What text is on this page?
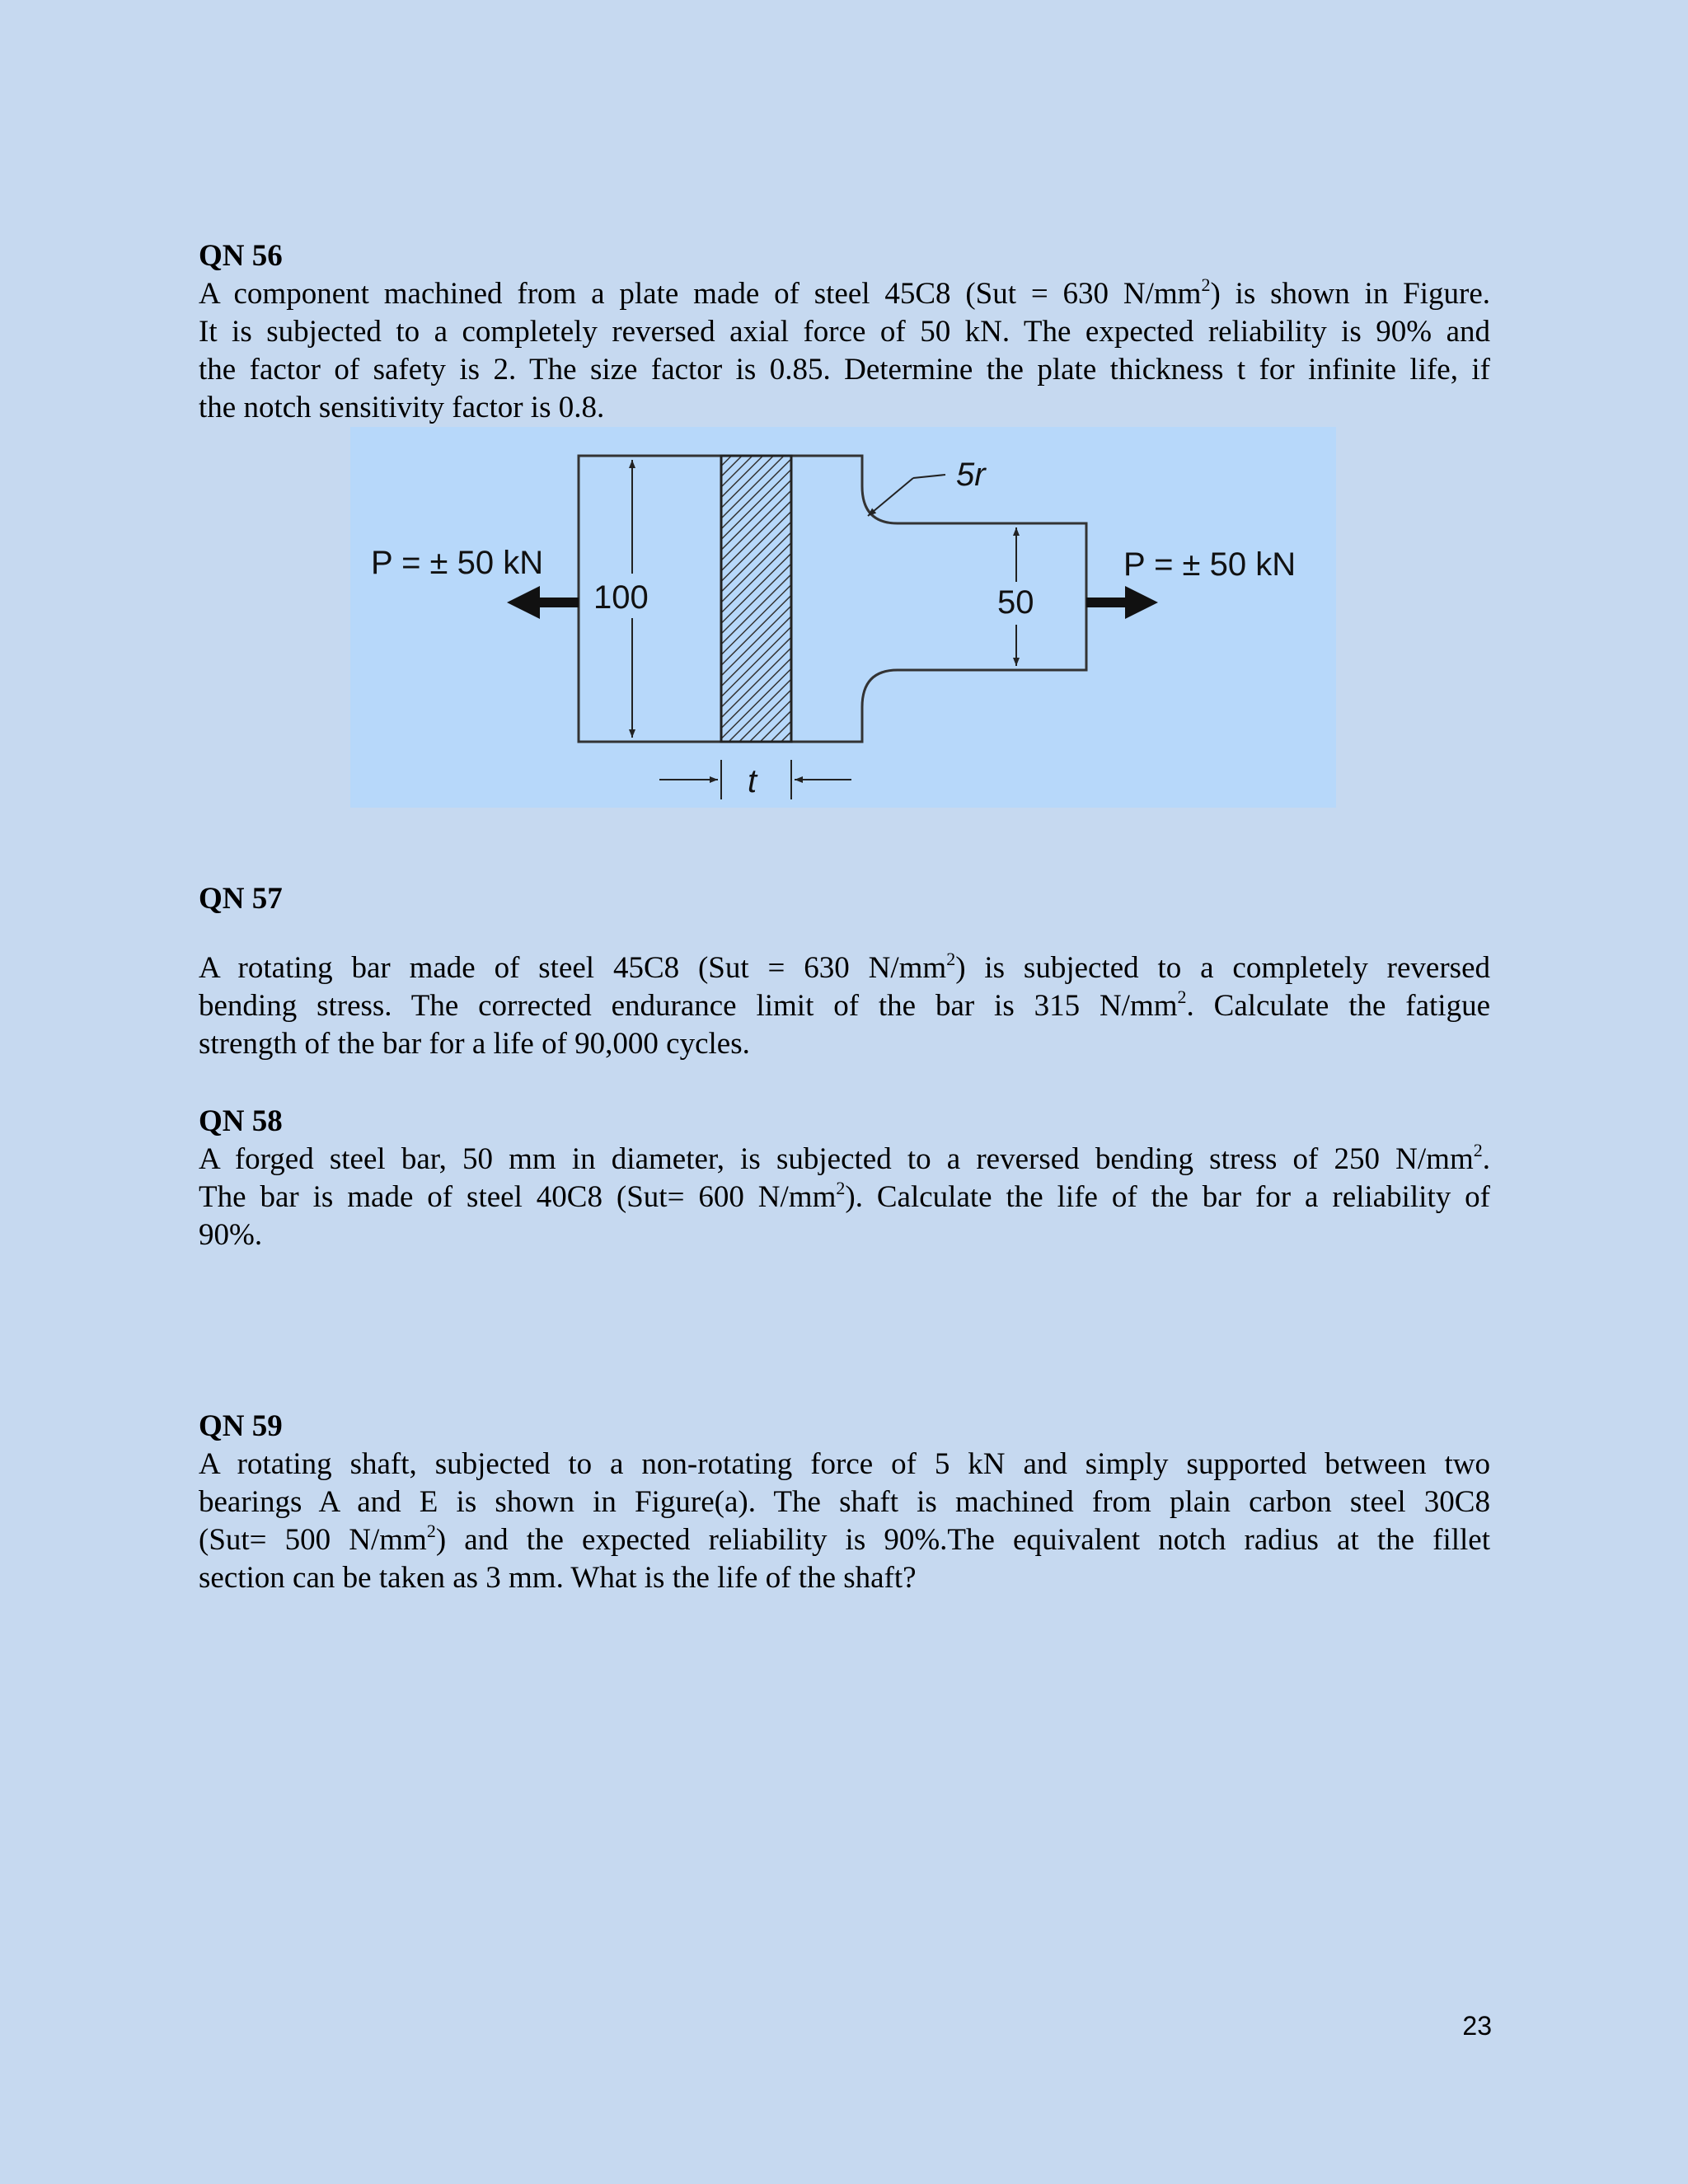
QN 56
A component machined from a plate made of steel 45C8 (Sut = 630 $N/mm^2$) is shown in Figure.
It is subjected to a completely reversed axial force of 50 kN. The expected reliability is 90% and
the factor of safety is 2. The size factor is 0.85. Determine the plate thickness t for infinite life, if
the notch sensitivity factor is 0.8.
100	50
5r
P = ± 50 kN	P = ± 50 kN
t
QN 57
A rotating bar made of steel 45C8 (Sut = 630 $N/mm^2$) is subjected to a completely reversed
bending stress. The corrected endurance limit of the bar is 315 $N/mm^2$. Calculate the fatigue
strength of the bar for a life of 90,000 cycles.
QN 58
A forged steel bar, 50 mm in diameter, is subjected to a reversed bending stress of 250 $N/mm^2$.
The bar is made of steel 40C8 (Sut= 600 $N/mm^2$). Calculate the life of the bar for a reliability of
90%.
QN 59
A rotating shaft, subjected to a non-rotating force of 5 kN and simply supported between two
bearings A and E is shown in Figure(a). The shaft is machined from plain carbon steel 30C8
(Sut= 500 $N/mm^2$) and the expected reliability is 90%.The equivalent notch radius at the fillet
section can be taken as 3 mm. What is the life of the shaft?
23
